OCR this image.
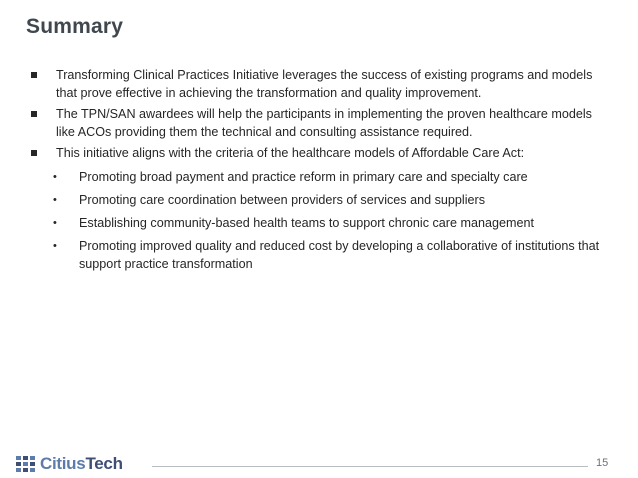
Summary
Transforming Clinical Practices Initiative leverages the success of existing programs and models that prove effective in achieving the transformation and quality improvement.
The TPN/SAN awardees will help the participants in implementing the proven healthcare models like ACOs providing them the technical and consulting assistance required.
This initiative aligns with the criteria of the healthcare models of Affordable Care Act:
• Promoting broad payment and practice reform in primary care and specialty care
• Promoting care coordination between providers of services and suppliers
• Establishing community-based health teams to support chronic care management
• Promoting improved quality and reduced cost by developing a collaborative of institutions that support practice transformation
CitiusTech	15
